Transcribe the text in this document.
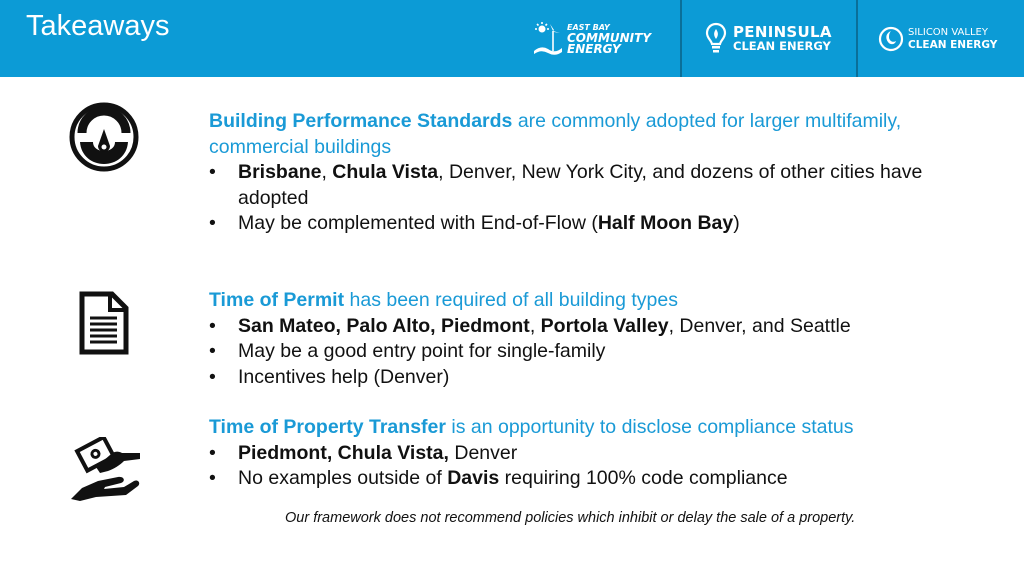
Takeaways	EAST BAY
COMMUNITY
ENERGY
PENINSULA
CLEAN ENERGY
SILICON VALLEY
CLEAN ENERGY
Building Performance Standards are commonly adopted for larger multifamily, commercial buildings
• Brisbane, Chula Vista, Denver, New York City, and dozens of other cities have adopted
• May be complemented with End-of-Flow (Half Moon Bay)
Time of Permit has been required of all building types
• San Mateo, Palo Alto, Piedmont, Portola Valley, Denver, and Seattle
• May be a good entry point for single-family
• Incentives help (Denver)
Time of Property Transfer is an opportunity to disclose compliance status
• Piedmont, Chula Vista, Denver
• No examples outside of Davis requiring 100% code compliance
Our framework does not recommend policies which inhibit or delay the sale of a property.
